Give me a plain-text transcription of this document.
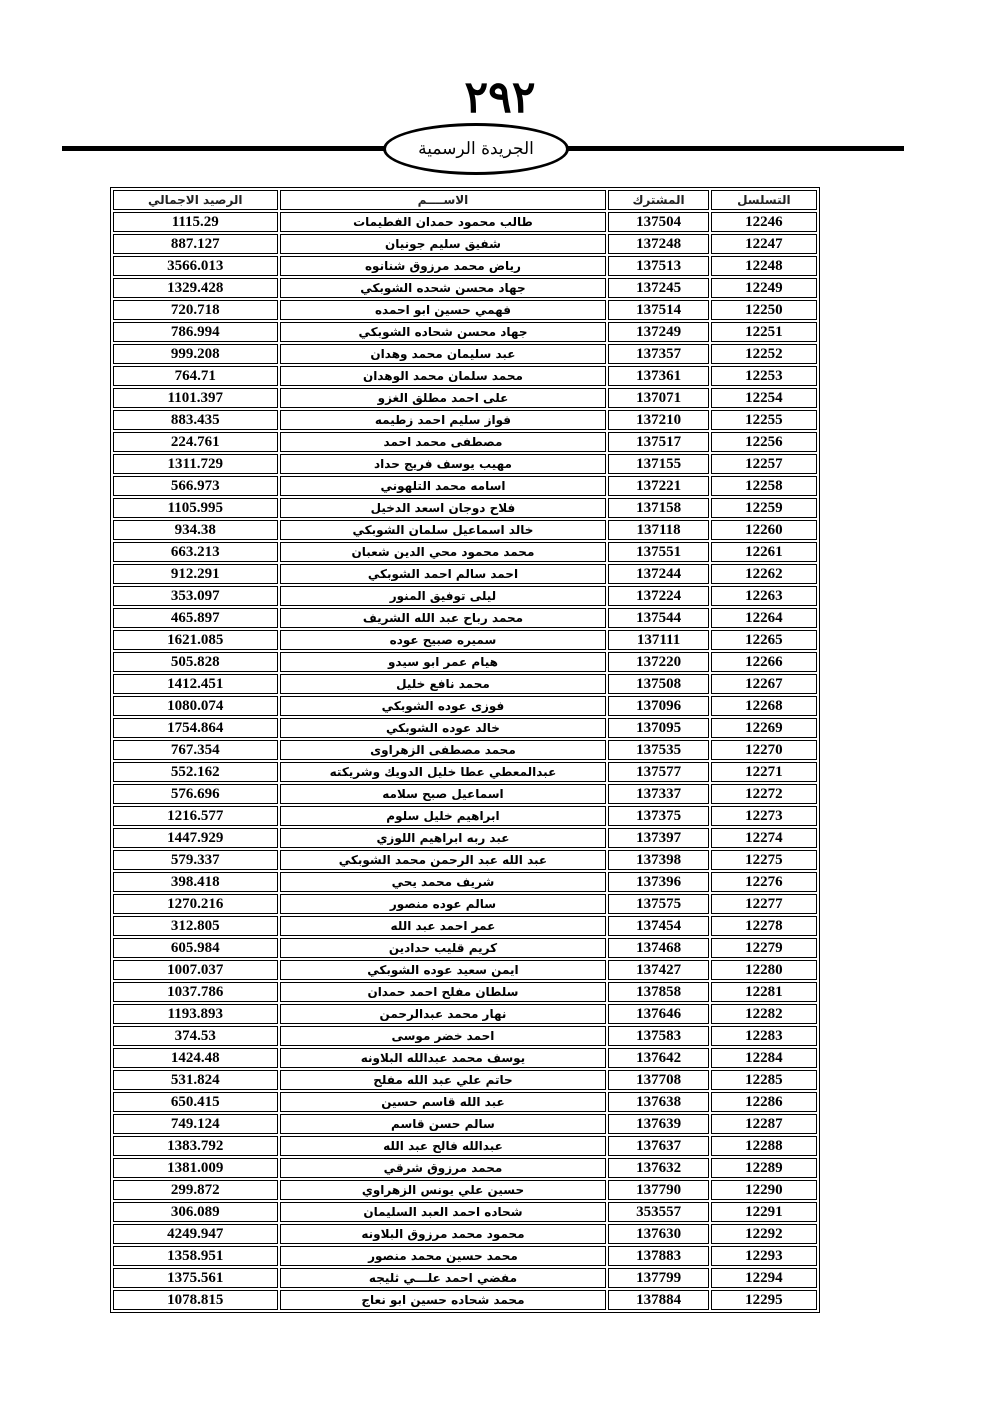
٢٩٢
الجريدة الرسمية
التسلسل	المشترك	الاســــم	الرصيد الاجمالي
12246	137504	طالب محمود حمدان الفطيمات	1115.29
12247	137248	شفيق سليم جونيان	887.127
12248	137513	رياض محمد مرزوق شنانوه	3566.013
12249	137245	جهاد محسن شحده الشوبكي	1329.428
12250	137514	فهمي حسين ابو احمده	720.718
12251	137249	جهاد محسن شحاده الشوبكي	786.994
12252	137357	عبد سليمان محمد وهدان	999.208
12253	137361	محمد سلمان محمد الوهدان	764.71
12254	137071	على احمد مطلق الغزو	1101.397
12255	137210	فواز سليم احمد زطيمه	883.435
12256	137517	مصطفى محمد احمد	224.761
12257	137155	مهيب يوسف فريج حداد	1311.729
12258	137221	اسامه محمد التلهوني	566.973
12259	137158	فلاح دوجان اسعد الدخيل	1105.995
12260	137118	خالد اسماعيل سلمان الشوبكي	934.38
12261	137551	محمد محمود محي الدين شعبان	663.213
12262	137244	احمد سالم احمد الشوبكي	912.291
12263	137224	ليلى توفيق المنور	353.097
12264	137544	محمد رباح عبد الله الشريف	465.897
12265	137111	سميره صبيح عوده	1621.085
12266	137220	هيام عمر ابو سيدو	505.828
12267	137508	محمد نافع خليل	1412.451
12268	137096	فوزى عوده الشوبكي	1080.074
12269	137095	خالد عوده الشوبكي	1754.864
12270	137535	محمد مصطفى الزهراوى	767.354
12271	137577	عبدالمعطي عطا خليل الدويك وشريكته	552.162
12272	137337	اسماعيل صبح سلامه	576.696
12273	137375	ابراهيم خليل سلوم	1216.577
12274	137397	عبد ربه ابراهيم اللوزي	1447.929
12275	137398	عبد الله عبد الرحمن محمد الشوبكي	579.337
12276	137396	شريف محمد يحي	398.418
12277	137575	سالم عوده منصور	1270.216
12278	137454	عمر احمد عبد الله	312.805
12279	137468	كريم قليب حدادين	605.984
12280	137427	ايمن سعيد عوده الشوبكي	1007.037
12281	137858	سلطان مفلح احمد حمدان	1037.786
12282	137646	نهار محمد عبدالرحمن	1193.893
12283	137583	احمد خضر موسى	374.53
12284	137642	يوسف محمد عبدالله البلاونه	1424.48
12285	137708	حاتم علي عبد الله مفلح	531.824
12286	137638	عبد الله قاسم حسين	650.415
12287	137639	سالم حسن قاسم	749.124
12288	137637	عبدالله فالح عبد الله	1383.792
12289	137632	محمد مرزوق شرقي	1381.009
12290	137790	حسين علي يونس الزهراوي	299.872
12291	353557	شحاده احمد العبد السليمان	306.089
12292	137630	محمود محمد مرزوق البلاونه	4249.947
12293	137883	محمد حسين محمد منصور	1358.951
12294	137799	مفضي احمد علـــي ثليجه	1375.561
12295	137884	محمد شحاده حسين ابو نعاج	1078.815
